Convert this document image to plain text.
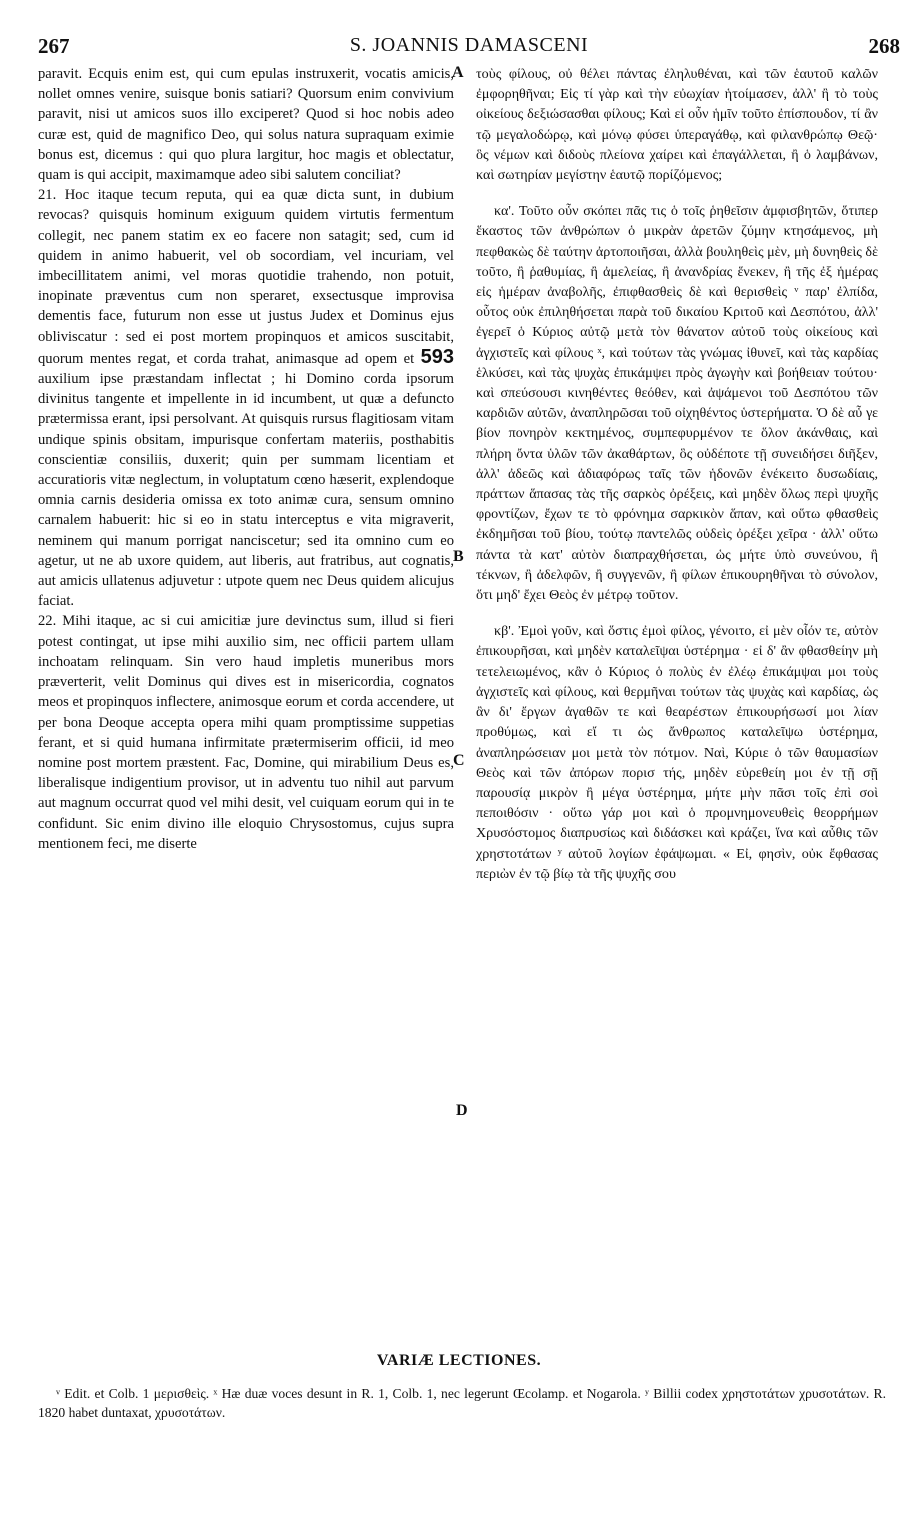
267	S. JOANNIS DAMASCENI	268

paravit. Ecquis enim est, qui cum epulas instruxerit, vocatis amicis, nollet omnes venire, suisque bonis satiari? Quorsum enim convivium paravit, nisi ut amicos suos illo exciperet? Quod si hoc nobis adeo curæ est, quid de magnifico Deo, qui solus natura supraquam eximie bonus est, dicemus : qui quo plura largitur, hoc magis et oblectatur, quam is qui accipit, maximamque adeo sibi salutem conciliat?

21. Hoc itaque tecum reputa, qui ea quæ dicta sunt, in dubium revocas? quisquis hominum exiguum quidem virtutis fermentum collegit, nec panem statim ex eo facere non satagit; sed, cum id quidem in animo habuerit, vel ob socordiam, vel incuriam, vel imbecillitatem animi, vel moras quotidie trahendo, non potuit, inopinate præventus cum non speraret, exsectusque improvisa dementis face, futurum non esse ut justus Judex et Dominus ejus obliviscatur : sed ei post mortem propinquos et amicos suscitabit, quorum mentes regat, et corda trahat, animasque ad opem et 593 auxilium ipse præstandam inflectat ; hi Domino corda ipsorum divinitus tangente et impellente in id incumbent, ut quæ a defuncto prætermissa erant, ipsi persolvant. At quisquis rursus flagitiosam vitam undique spinis obsitam, impurisque confertam materiis, posthabitis conscientiæ consiliis, duxerit; quin per summam licentiam et accuratioris vitæ neglectum, in voluptatum cœno hæserit, explendoque omnia carnis desideria omissa ex toto animæ cura, sensum omnino carnalem habuerit: hic si eo in statu interceptus e vita migraverit, neminem qui manum porrigat nanciscetur; sed ita omnino cum eo agetur, ut ne ab uxore quidem, aut liberis, aut fratribus, aut cognatis, aut amicis ullatenus adjuvetur : utpote quem nec Deus quidem alicujus faciat.

22. Mihi itaque, ac si cui amicitiæ jure devinctus sum, illud si fieri potest contingat, ut ipse mihi auxilio sim, nec officii partem ullam inchoatam relinquam. Sin vero haud impletis muneribus mors præverterit, velit Dominus qui dives est in misericordia, cognatos meos et propinquos inflectere, animosque eorum et corda accendere, ut per bona Deoque accepta opera mihi quam promptissime suppetias ferant, et si quid humana infirmitate prætermiserim officii, id meo nomine post mortem præstent. Fac, Domine, qui mirabilium Deus es, liberalisque indigentium provisor, ut in adventu tuo nihil aut parvum aut magnum occurrat quod vel mihi desit, vel cuiquam eorum qui in te confidunt. Sic enim divino ille eloquio Chrysostomus, cujus supra mentionem feci, me diserte

A
B
C
D

τοὺς φίλους, οὐ θέλει πάντας ἐληλυθέναι, καὶ τῶν ἑαυτοῦ καλῶν ἐμφορηθῆναι; Εἰς τί γὰρ καὶ τὴν εὐωχίαν ἡτοίμασεν, ἀλλ' ἢ τὸ τοὺς οἰκείους δεξιώσασθαι φίλους; Καὶ εἰ οὖν ἡμῖν τοῦτο ἐπίσπουδον, τί ἂν τῷ μεγαλοδώρῳ, καὶ μόνῳ φύσει ὑπεραγάθῳ, καὶ φιλανθρώπῳ Θεῷ· ὃς νέμων καὶ διδοὺς πλείονα χαίρει καὶ ἐπαγάλλεται, ἢ ὁ λαμβάνων, καὶ σωτηρίαν μεγίστην ἑαυτῷ πορίζόμενος;

κα'. Τοῦτο οὖν σκόπει πᾶς τις ὁ τοῖς ῥηθεῖσιν ἀμφισβητῶν, ὅτιπερ ἕκαστος τῶν ἀνθρώπων ὁ μικρὰν ἀρετῶν ζύμην κτησάμενος, μὴ πεφθακὼς δὲ ταύτην ἀρτοποιῆσαι, ἀλλὰ βουληθεὶς μὲν, μὴ δυνηθεὶς δὲ τοῦτο, ἢ ῥαθυμίας, ἢ ἀμελείας, ἢ ἀνανδρίας ἕνεκεν, ἢ τῆς ἐξ ἡμέρας εἰς ἡμέραν ἀναβολῆς, ἐπιφθασθεὶς δὲ καὶ θερισθεὶς ᵛ παρ' ἐλπίδα, οὗτος οὐκ ἐπιληθήσεται παρὰ τοῦ δικαίου Κριτοῦ καὶ Δεσπότου, ἀλλ' ἐγερεῖ ὁ Κύριος αὐτῷ μετὰ τὸν θάνατον αὐτοῦ τοὺς οἰκείους καὶ ἀγχιστεῖς καὶ φίλους ˣ, καὶ τούτων τὰς γνώμας ἰθυνεῖ, καὶ τὰς καρδίας ἑλκύσει, καὶ τὰς ψυχὰς ἐπικάμψει πρὸς ἀγωγὴν καὶ βοήθειαν τούτου· καὶ σπεύσουσι κινηθέντες θεόθεν, καὶ ἀψάμενοι τοῦ Δεσπότου τῶν καρδιῶν αὐτῶν, ἀναπληρῶσαι τοῦ οἰχηθέντος ὑστερήματα. Ὁ δὲ αὖ γε βίον πονηρὸν κεκτημένος, συμπεφυρμένον τε ὅλον ἀκάνθαις, καὶ πλήρη ὄντα ὑλῶν τῶν ἀκαθάρτων, ὃς οὐδέποτε τῇ συνειδήσει διῆξεν, ἀλλ' ἀδεῶς καὶ ἀδιαφόρως ταῖς τῶν ἡδονῶν ἐνέκειτο δυσωδίαις, πράττων ἅπασας τὰς τῆς σαρκὸς ὀρέξεις, καὶ μηδὲν ὅλως περὶ ψυχῆς φροντίζων, ἔχων τε τὸ φρόνημα σαρκικὸν ἅπαν, καὶ οὕτω φθασθεὶς ἐκδημῆσαι τοῦ βίου, τούτῳ παντελῶς οὐδεὶς ὀρέξει χεῖρα · ἀλλ' οὕτω πάντα τὰ κατ' αὐτὸν διαπραχθήσεται, ὡς μήτε ὑπὸ συνεύνου, ἢ τέκνων, ἢ ἀδελφῶν, ἢ συγγενῶν, ἢ φίλων ἐπικουρηθῆναι τὸ σύνολον, ὅτι μηδ' ἔχει Θεὸς ἐν μέτρῳ τοῦτον.

κβ'. Ἐμοὶ γοῦν, καὶ ὅστις ἐμοὶ φίλος, γένοιτο, εἰ μὲν οἷόν τε, αὐτὸν ἐπικουρῆσαι, καὶ μηδὲν καταλεῖψαι ὑστέρημα · εἰ δ' ἂν φθασθείην μὴ τετελειωμένος, κἂν ὁ Κύριος ὁ πολὺς ἐν ἐλέῳ ἐπικάμψαι μοι τοὺς ἀγχιστεῖς καὶ φίλους, καὶ θερμῆναι τούτων τὰς ψυχὰς καὶ καρδίας, ὡς ἂν δι' ἔργων ἀγαθῶν τε καὶ θεαρέστων ἐπικουρήσωσί μοι λίαν προθύμως, καὶ εἴ τι ὡς ἄνθρωπος καταλεῖψω ὑστέρημα, ἀναπληρώσειαν μοι μετὰ τὸν πότμον. Ναὶ, Κύριε ὁ τῶν θαυμασίων Θεὸς καὶ τῶν ἀπόρων πορισ τής, μηδὲν εὑρεθείη μοι ἐν τῇ σῇ παρουσίᾳ μικρὸν ἢ μέγα ὑστέρημα, μήτε μὴν πᾶσι τοῖς ἐπὶ σοὶ πεποιθόσιν · οὕτω γάρ μοι καὶ ὁ προμνημονευθεὶς θεορρήμων Χρυσόστομος διαπρυσίως καὶ διδάσκει καὶ κράζει, ἵνα καὶ αὖθις τῶν χρηστοτάτων ʸ αὐτοῦ λογίων ἐφάψωμαι. « Εἰ, φησὶν, οὐκ ἔφθασας περιὼν ἐν τῷ βίῳ τὰ τῆς ψυχῆς σου

VARIÆ LECTIONES.

ᵛ Edit. et Colb. 1 μερισθεὶς. ˣ Hæ duæ voces desunt in R. 1, Colb. 1, nec legerunt Œcolamp. et Nogarola. ʸ Billii codex χρηστοτάτων χρυσοτάτων. R. 1820 habet duntaxat, χρυσοτάτων.
